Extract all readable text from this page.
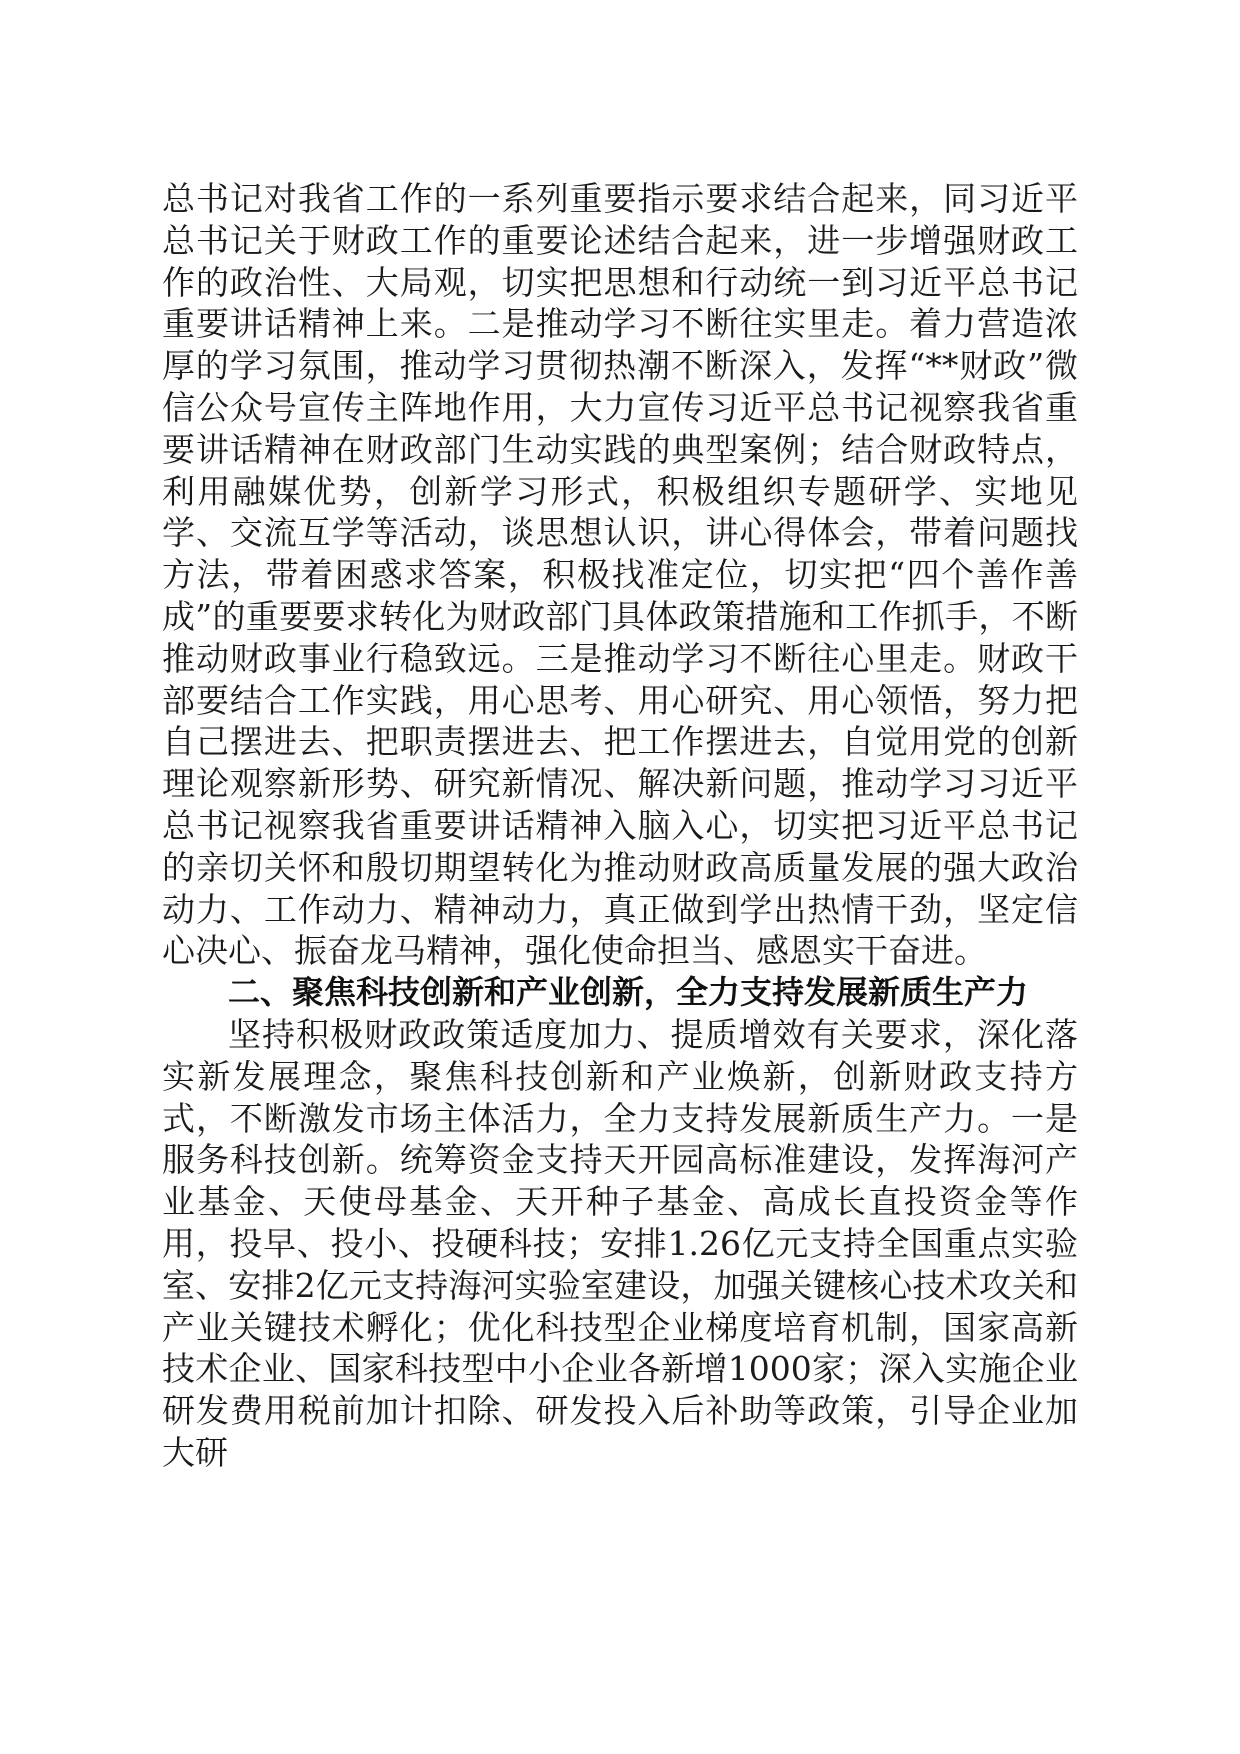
总书记对我省工作的一系列重要指示要求结合起来，同习近平总书记关于财政工作的重要论述结合起来，进一步增强财政工作的政治性、大局观，切实把思想和行动统一到习近平总书记重要讲话精神上来。二是推动学习不断往实里走。着力营造浓厚的学习氛围，推动学习贯彻热潮不断深入，发挥“**财政”微信公众号宣传主阵地作用，大力宣传习近平总书记视察我省重要讲话精神在财政部门生动实践的典型案例；结合财政特点，利用融媒优势，创新学习形式，积极组织专题研学、实地见学、交流互学等活动，谈思想认识，讲心得体会，带着问题找方法，带着困惑求答案，积极找准定位，切实把“四个善作善成”的重要要求转化为财政部门具体政策措施和工作抓手，不断推动财政事业行稳致远。三是推动学习不断往心里走。财政干部要结合工作实践，用心思考、用心研究、用心领悟，努力把自己摆进去、把职责摆进去、把工作摆进去，自觉用党的创新理论观察新形势、研究新情况、解决新问题，推动学习习近平总书记视察我省重要讲话精神入脑入心，切实把习近平总书记的亲切关怀和殷切期望转化为推动财政高质量发展的强大政治动力、工作动力、精神动力，真正做到学出热情干劲，坚定信心决心、振奋龙马精神，强化使命担当、感恩实干奋进。

二、聚焦科技创新和产业创新，全力支持发展新质生产力

坚持积极财政政策适度加力、提质增效有关要求，深化落实新发展理念，聚焦科技创新和产业焕新，创新财政支持方式，不断激发市场主体活力，全力支持发展新质生产力。一是服务科技创新。统筹资金支持天开园高标准建设，发挥海河产业基金、天使母基金、天开种子基金、高成长直投资金等作用，投早、投小、投硬科技；安排1.26亿元支持全国重点实验室、安排2亿元支持海河实验室建设，加强关键核心技术攻关和产业关键技术孵化；优化科技型企业梯度培育机制，国家高新技术企业、国家科技型中小企业各新增1000家；深入实施企业研发费用税前加计扣除、研发投入后补助等政策，引导企业加大研
